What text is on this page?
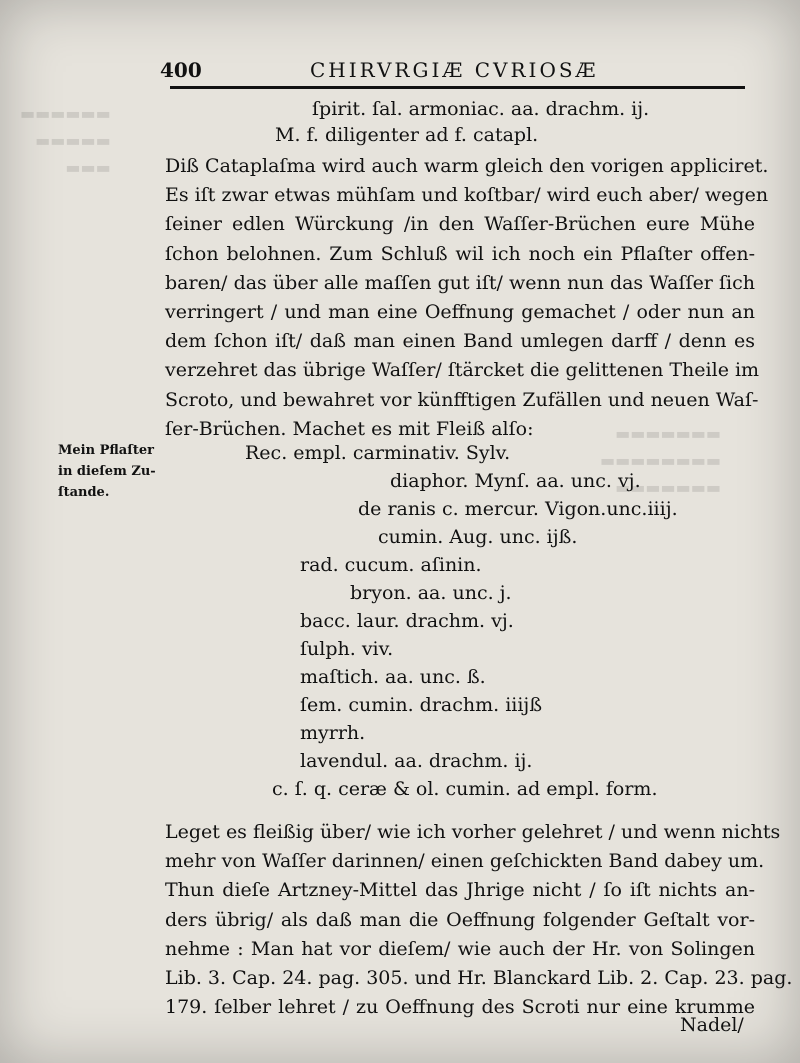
▬▬▬▬▬▬
▬▬▬▬▬
▬▬▬
▬▬▬▬▬▬▬
▬▬▬▬▬▬▬▬
▬▬▬▬▬▬▬
400	CHIRVRGIÆ CVRIOSÆ
ſpirit. ſal. armoniac. aa. drachm. ij.
M. f. diligenter ad f. catapl.
Diß Cataplaſma wird auch warm gleich den vorigen appliciret.
Es iſt zwar etwas mühſam und koſtbar/ wird euch aber/ wegen
ſeiner edlen Würckung /in den Waſſer-Brüchen eure Mühe
ſchon belohnen. Zum Schluß wil ich noch ein Pflaſter offen-
baren/ das über alle maſſen gut iſt/ wenn nun das Waſſer ſich
verringert / und man eine Oeffnung gemachet / oder nun an
dem ſchon iſt/ daß man einen Band umlegen darff / denn es
verzehret das übrige Waſſer/ ſtärcket die gelittenen Theile im
Scroto, und bewahret vor künfftigen Zufällen und neuen Waſ-
ſer-Brüchen. Machet es mit Fleiß alſo:
Mein Pflaſter
in dieſem Zu-
ſtande.
Rec. empl. carminativ. Sylv.
diaphor. Mynſ. aa. unc. vj.
de ranis c. mercur. Vigon.unc.iiij.
cumin. Aug. unc. ijß.
rad. cucum. aſinin.
bryon. aa. unc. j.
bacc. laur. drachm. vj.
ſulph. viv.
maſtich. aa. unc. ß.
ſem. cumin. drachm. iiijß
myrrh.
lavendul. aa. drachm. ij.
c. ſ. q. ceræ & ol. cumin. ad empl. form.
Leget es fleißig über/ wie ich vorher gelehret / und wenn nichts
mehr von Waſſer darinnen/ einen geſchickten Band dabey um.
Thun dieſe Artzney-Mittel das Jhrige nicht / ſo iſt nichts an-
ders übrig/ als daß man die Oeffnung folgender Geſtalt vor-
nehme : Man hat vor dieſem/ wie auch der Hr. von Solingen
Lib. 3. Cap. 24. pag. 305. und Hr. Blanckard Lib. 2. Cap. 23. pag.
179. ſelber lehret / zu Oeffnung des Scroti nur eine krumme
Nadel/
